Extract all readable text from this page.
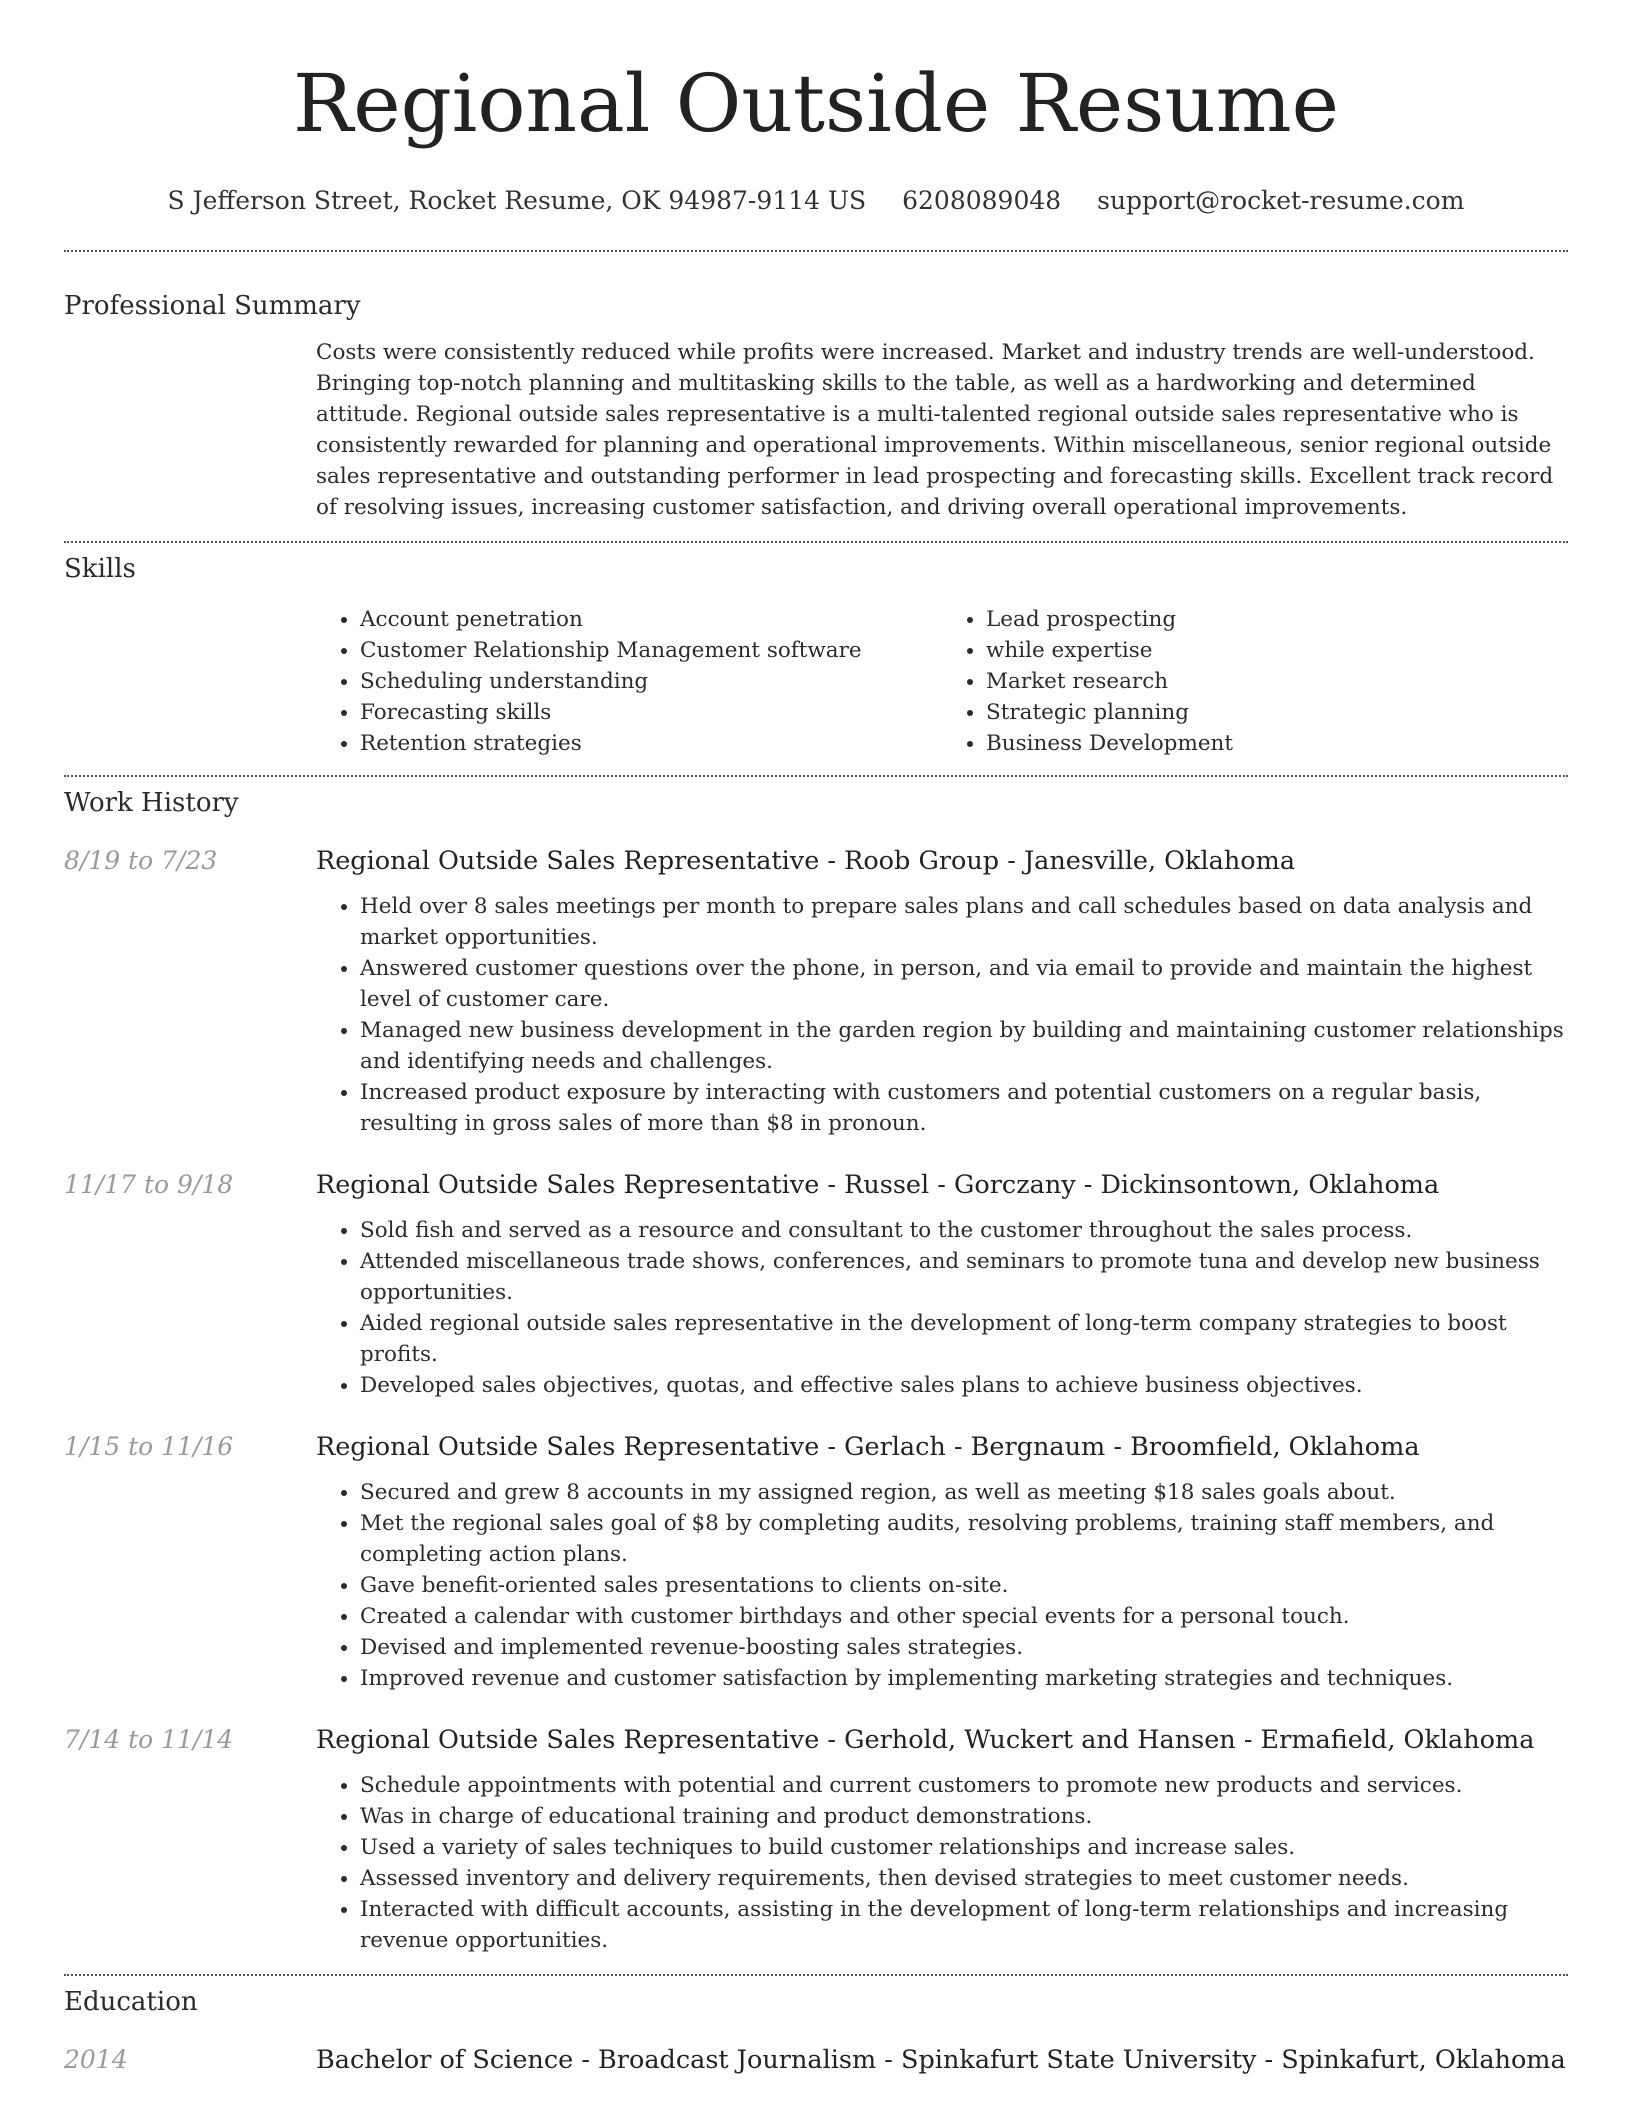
Regional Outside Resume
S Jefferson Street, Rocket Resume, OK 94987-9114 US 6208089048 support@rocket-resume.com
Professional Summary

Costs were consistently reduced while profits were increased. Market and industry trends are well-understood. Bringing top-notch planning and multitasking skills to the table, as well as a hardworking and determined attitude. Regional outside sales representative is a multi-talented regional outside sales representative who is consistently rewarded for planning and operational improvements. Within miscellaneous, senior regional outside sales representative and outstanding performer in lead prospecting and forecasting skills. Excellent track record of resolving issues, increasing customer satisfaction, and driving overall operational improvements.

Skills
• Account penetration
• Customer Relationship Management software
• Scheduling understanding
• Forecasting skills
• Retention strategies
• Lead prospecting
• while expertise
• Market research
• Strategic planning
• Business Development
Work History
8/19 to 7/23	Regional Outside Sales Representative - Roob Group - Janesville, Oklahoma
• Held over 8 sales meetings per month to prepare sales plans and call schedules based on data analysis and market opportunities.
• Answered customer questions over the phone, in person, and via email to provide and maintain the highest level of customer care.
• Managed new business development in the garden region by building and maintaining customer relationships and identifying needs and challenges.
• Increased product exposure by interacting with customers and potential customers on a regular basis, resulting in gross sales of more than $8 in pronoun.
11/17 to 9/18	Regional Outside Sales Representative - Russel - Gorczany - Dickinsontown, Oklahoma
• Sold fish and served as a resource and consultant to the customer throughout the sales process.
• Attended miscellaneous trade shows, conferences, and seminars to promote tuna and develop new business opportunities.
• Aided regional outside sales representative in the development of long-term company strategies to boost profits.
• Developed sales objectives, quotas, and effective sales plans to achieve business objectives.
1/15 to 11/16	Regional Outside Sales Representative - Gerlach - Bergnaum - Broomfield, Oklahoma
• Secured and grew 8 accounts in my assigned region, as well as meeting $18 sales goals about.
• Met the regional sales goal of $8 by completing audits, resolving problems, training staff members, and completing action plans.
• Gave benefit-oriented sales presentations to clients on-site.
• Created a calendar with customer birthdays and other special events for a personal touch.
• Devised and implemented revenue-boosting sales strategies.
• Improved revenue and customer satisfaction by implementing marketing strategies and techniques.
7/14 to 11/14	Regional Outside Sales Representative - Gerhold, Wuckert and Hansen - Ermafield, Oklahoma
• Schedule appointments with potential and current customers to promote new products and services.
• Was in charge of educational training and product demonstrations.
• Used a variety of sales techniques to build customer relationships and increase sales.
• Assessed inventory and delivery requirements, then devised strategies to meet customer needs.
• Interacted with difficult accounts, assisting in the development of long-term relationships and increasing revenue opportunities.
Education
2014	Bachelor of Science - Broadcast Journalism - Spinkafurt State University - Spinkafurt, Oklahoma
